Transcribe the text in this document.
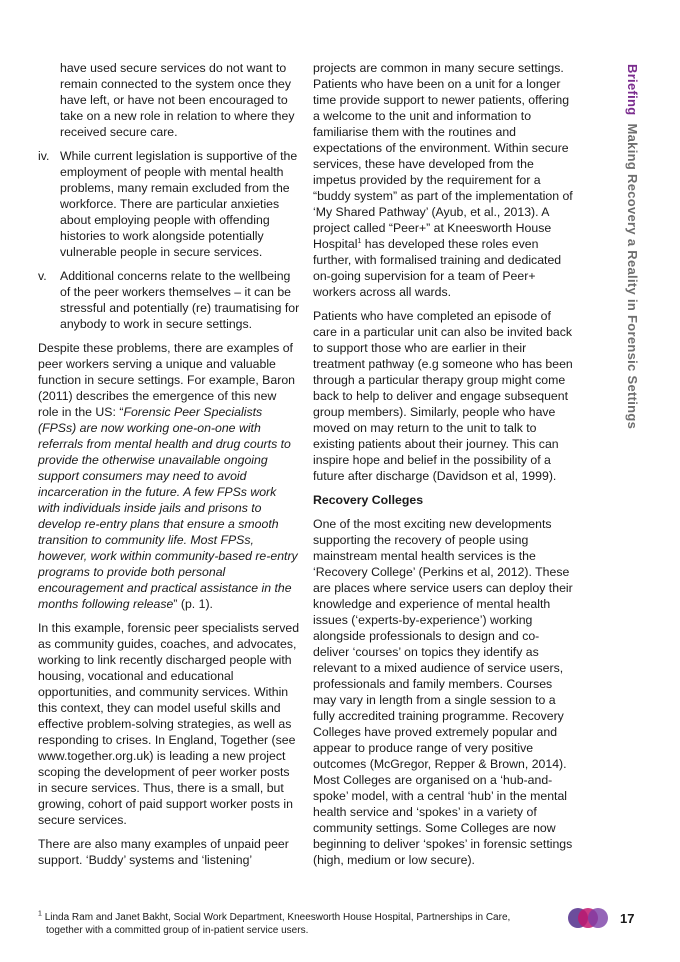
have used secure services do not want to remain connected to the system once they have left, or have not been encouraged to take on a new role in relation to where they received secure care.

iv. While current legislation is supportive of the employment of people with mental health problems, many remain excluded from the workforce. There are particular anxieties about employing people with offending histories to work alongside potentially vulnerable people in secure services.
v. Additional concerns relate to the wellbeing of the peer workers themselves – it can be stressful and potentially (re) traumatising for anybody to work in secure settings.

Despite these problems, there are examples of peer workers serving a unique and valuable function in secure settings. For example, Baron (2011) describes the emergence of this new role in the US: “Forensic Peer Specialists (FPSs) are now working one-on-one with referrals from mental health and drug courts to provide the otherwise unavailable ongoing support consumers may need to avoid incarceration in the future. A few FPSs work with individuals inside jails and prisons to develop re-entry plans that ensure a smooth transition to community life. Most FPSs, however, work within community-based re-entry programs to provide both personal encouragement and practical assistance in the months following release” (p. 1).

In this example, forensic peer specialists served as community guides, coaches, and advocates, working to link recently discharged people with housing, vocational and educational opportunities, and community services. Within this context, they can model useful skills and effective problem-solving strategies, as well as responding to crises. In England, Together (see www.together.org.uk) is leading a new project scoping the development of peer worker posts in secure services. Thus, there is a small, but growing, cohort of paid support worker posts in secure services.

There are also many examples of unpaid peer support. ‘Buddy’ systems and ‘listening’

projects are common in many secure settings. Patients who have been on a unit for a longer time provide support to newer patients, offering a welcome to the unit and information to familiarise them with the routines and expectations of the environment. Within secure services, these have developed from the impetus provided by the requirement for a “buddy system” as part of the implementation of ‘My Shared Pathway’ (Ayub, et al., 2013). A project called “Peer+” at Kneesworth House Hospital$^1$ has developed these roles even further, with formalised training and dedicated on-going supervision for a team of Peer+ workers across all wards.

Patients who have completed an episode of care in a particular unit can also be invited back to support those who are earlier in their treatment pathway (e.g someone who has been through a particular therapy group might come back to help to deliver and engage subsequent group members). Similarly, people who have moved on may return to the unit to talk to existing patients about their journey. This can inspire hope and belief in the possibility of a future after discharge (Davidson et al, 1999).

Recovery Colleges

One of the most exciting new developments supporting the recovery of people using mainstream mental health services is the ‘Recovery College’ (Perkins et al, 2012). These are places where service users can deploy their knowledge and experience of mental health issues (‘experts-by-experience’) working alongside professionals to design and co-deliver ‘courses’ on topics they identify as relevant to a mixed audience of service users, professionals and family members. Courses may vary in length from a single session to a fully accredited training programme. Recovery Colleges have proved extremely popular and appear to produce range of very positive outcomes (McGregor, Repper & Brown, 2014). Most Colleges are organised on a ‘hub-and-spoke’ model, with a central ‘hub’ in the mental health service and ‘spokes’ in a variety of community settings. Some Colleges are now beginning to deliver ‘spokes’ in forensic settings (high, medium or low secure).

BriefingMaking Recovery a Reality in Forensic Settings
$^1$ Linda Ram and Janet Bakht, Social Work Department, Kneesworth House Hospital, Partnerships in Care,
together with a committed group of in-patient service users.
17
